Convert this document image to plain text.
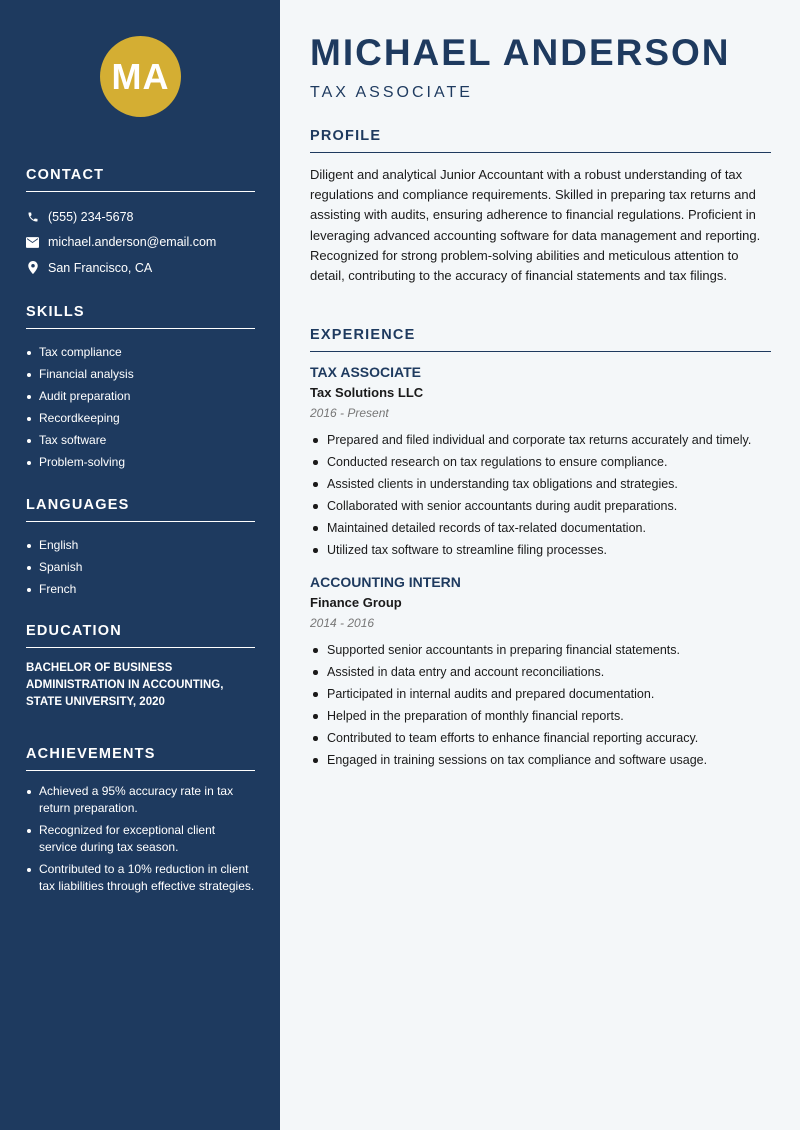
MA
CONTACT
(555) 234-5678
michael.anderson@email.com
San Francisco, CA
SKILLS
Tax compliance
Financial analysis
Audit preparation
Recordkeeping
Tax software
Problem-solving
LANGUAGES
English
Spanish
French
EDUCATION
BACHELOR OF BUSINESS
ADMINISTRATION IN ACCOUNTING,
STATE UNIVERSITY, 2020
ACHIEVEMENTS
Achieved a 95% accuracy rate in tax return preparation.
Recognized for exceptional client service during tax season.
Contributed to a 10% reduction in client tax liabilities through effective strategies.
MICHAEL ANDERSON
TAX ASSOCIATE
PROFILE

Diligent and analytical Junior Accountant with a robust understanding of tax regulations and compliance requirements. Skilled in preparing tax returns and assisting with audits, ensuring adherence to financial regulations. Proficient in leveraging advanced accounting software for data management and reporting. Recognized for strong problem-solving abilities and meticulous attention to detail, contributing to the accuracy of financial statements and tax filings.

EXPERIENCE
TAX ASSOCIATE
Tax Solutions LLC
2016 - Present
Prepared and filed individual and corporate tax returns accurately and timely.
Conducted research on tax regulations to ensure compliance.
Assisted clients in understanding tax obligations and strategies.
Collaborated with senior accountants during audit preparations.
Maintained detailed records of tax-related documentation.
Utilized tax software to streamline filing processes.
ACCOUNTING INTERN
Finance Group
2014 - 2016
Supported senior accountants in preparing financial statements.
Assisted in data entry and account reconciliations.
Participated in internal audits and prepared documentation.
Helped in the preparation of monthly financial reports.
Contributed to team efforts to enhance financial reporting accuracy.
Engaged in training sessions on tax compliance and software usage.
